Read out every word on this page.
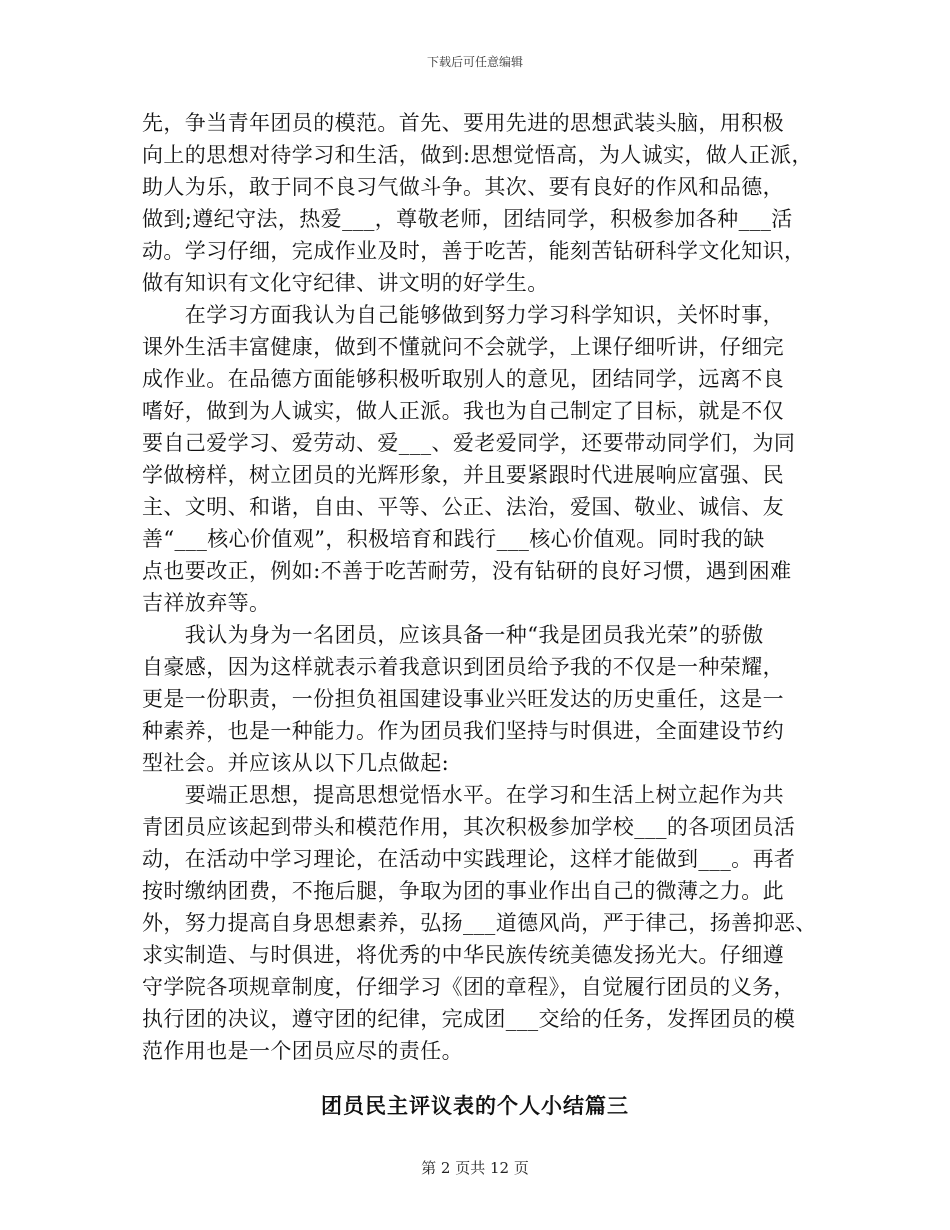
下载后可任意编辑
先，争当青年团员的模范。首先、要用先进的思想武装头脑，用积极
向上的思想对待学习和生活，做到:思想觉悟高，为人诚实，做人正派，
助人为乐，敢于同不良习气做斗争。其次、要有良好的作风和品德，
做到;遵纪守法，热爱___，尊敬老师，团结同学，积极参加各种___活
动。学习仔细，完成作业及时，善于吃苦，能刻苦钻研科学文化知识，
做有知识有文化守纪律、讲文明的好学生。
　　在学习方面我认为自己能够做到努力学习科学知识，关怀时事，
课外生活丰富健康，做到不懂就问不会就学，上课仔细听讲，仔细完
成作业。在品德方面能够积极听取别人的意见，团结同学，远离不良
嗜好，做到为人诚实，做人正派。我也为自己制定了目标，就是不仅
要自己爱学习、爱劳动、爱___、爱老爱同学，还要带动同学们，为同
学做榜样，树立团员的光辉形象，并且要紧跟时代进展响应富强、民
主、文明、和谐，自由、平等、公正、法治，爱国、敬业、诚信、友
善“___核心价值观”，积极培育和践行___核心价值观。同时我的缺
点也要改正，例如:不善于吃苦耐劳，没有钻研的良好习惯，遇到困难
吉祥放弃等。
　　我认为身为一名团员，应该具备一种“我是团员我光荣”的骄傲
自豪感，因为这样就表示着我意识到团员给予我的不仅是一种荣耀，
更是一份职责，一份担负祖国建设事业兴旺发达的历史重任，这是一
种素养，也是一种能力。作为团员我们坚持与时俱进，全面建设节约
型社会。并应该从以下几点做起:
　　要端正思想，提高思想觉悟水平。在学习和生活上树立起作为共
青团员应该起到带头和模范作用，其次积极参加学校___的各项团员活
动，在活动中学习理论，在活动中实践理论，这样才能做到___。再者
按时缴纳团费，不拖后腿，争取为团的事业作出自己的微薄之力。此
外，努力提高自身思想素养，弘扬___道德风尚，严于律己，扬善抑恶、
求实制造、与时俱进，将优秀的中华民族传统美德发扬光大。仔细遵
守学院各项规章制度，仔细学习《团的章程》，自觉履行团员的义务，
执行团的决议，遵守团的纪律，完成团___交给的任务，发挥团员的模
范作用也是一个团员应尽的责任。
团员民主评议表的个人小结篇三
第 2 页共 12 页
